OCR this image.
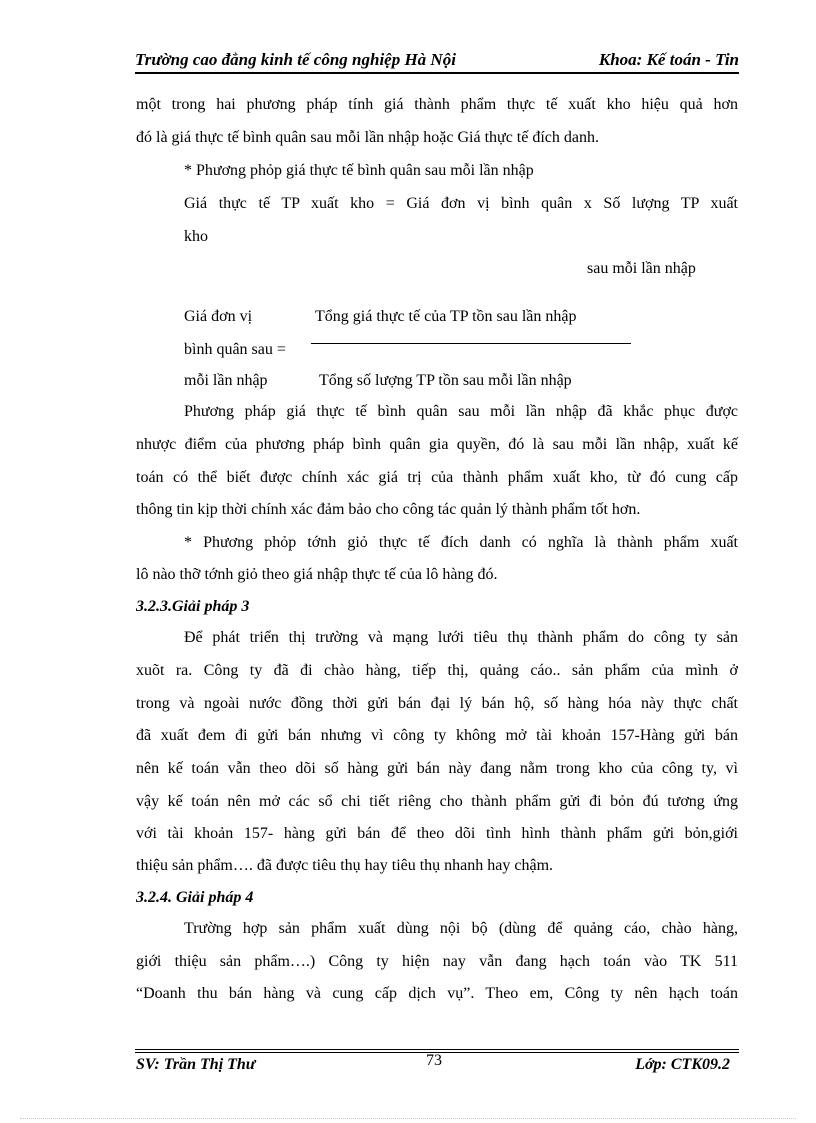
Trường cao đẳng kinh tế công nghiệp Hà Nội	Khoa: Kế toán - Tin
một trong hai phương pháp tính giá thành phẩm thực tế xuất kho hiệu quả hơn
đó là giá thực tế bình quân sau mỗi lần nhập hoặc Giá thực tế đích danh.
* Phương phỏp giá thực tế bình quân sau mỗi lần nhập
Giá thực tế TP xuất kho = Giá đơn vị bình quân x Số lượng TP xuất
kho
sau mỗi lần nhập
Giá đơn vị	Tổng giá thực tế của TP tồn sau lần nhập
bình quân sau =
mỗi lần nhập	Tổng số lượng TP tồn sau mỗi lần nhập
Phương pháp giá thực tế bình quân sau mỗi lần nhập đã khắc phục được
nhược điểm của phương pháp bình quân gia quyền, đó là sau mỗi lần nhập, xuất kế
toán có thể biết được chính xác giá trị của thành phẩm xuất kho, từ đó cung cấp
thông tin kịp thời chính xác đảm bảo cho công tác quản lý thành phẩm tốt hơn.
* Phương phỏp tớnh giỏ thực tế đích danh có nghĩa là thành phẩm xuất
lô nào thỡ tớnh giỏ theo giá nhập thực tế của lô hàng đó.
3.2.3.Giải pháp 3
Để phát triển thị trường và mạng lưới tiêu thụ thành phẩm do công ty sản
xuõt ra. Công ty đã đi chào hàng, tiếp thị, quảng cáo.. sản phẩm của mình ở
trong và ngoài nước đồng thời gửi bán đại lý bán hộ, số hàng hóa này thực chất
đã xuất đem đi gửi bán nhưng vì công ty không mở tài khoản 157-Hàng gửi bán
nên kế toán vẫn theo dõi số hàng gửi bán này đang nằm trong kho của công ty, vì
vậy kế toán nên mở các sổ chi tiết riêng cho thành phẩm gửi đi bỏn đú tương ứng
với tài khoản 157- hàng gửi bán để theo dõi tình hình thành phẩm gửi bỏn,giới
thiệu sản phẩm…. đã được tiêu thụ hay tiêu thụ nhanh hay chậm.
3.2.4. Giải pháp 4
Trường hợp sản phẩm xuất dùng nội bộ (dùng để quảng cáo, chào hàng,
giới thiệu sản phẩm….) Công ty hiện nay vẫn đang hạch toán vào TK 511
“Doanh thu bán hàng và cung cấp dịch vụ”. Theo em, Công ty nên hạch toán
SV: Trần Thị Thư	73	Lớp: CTK09.2
